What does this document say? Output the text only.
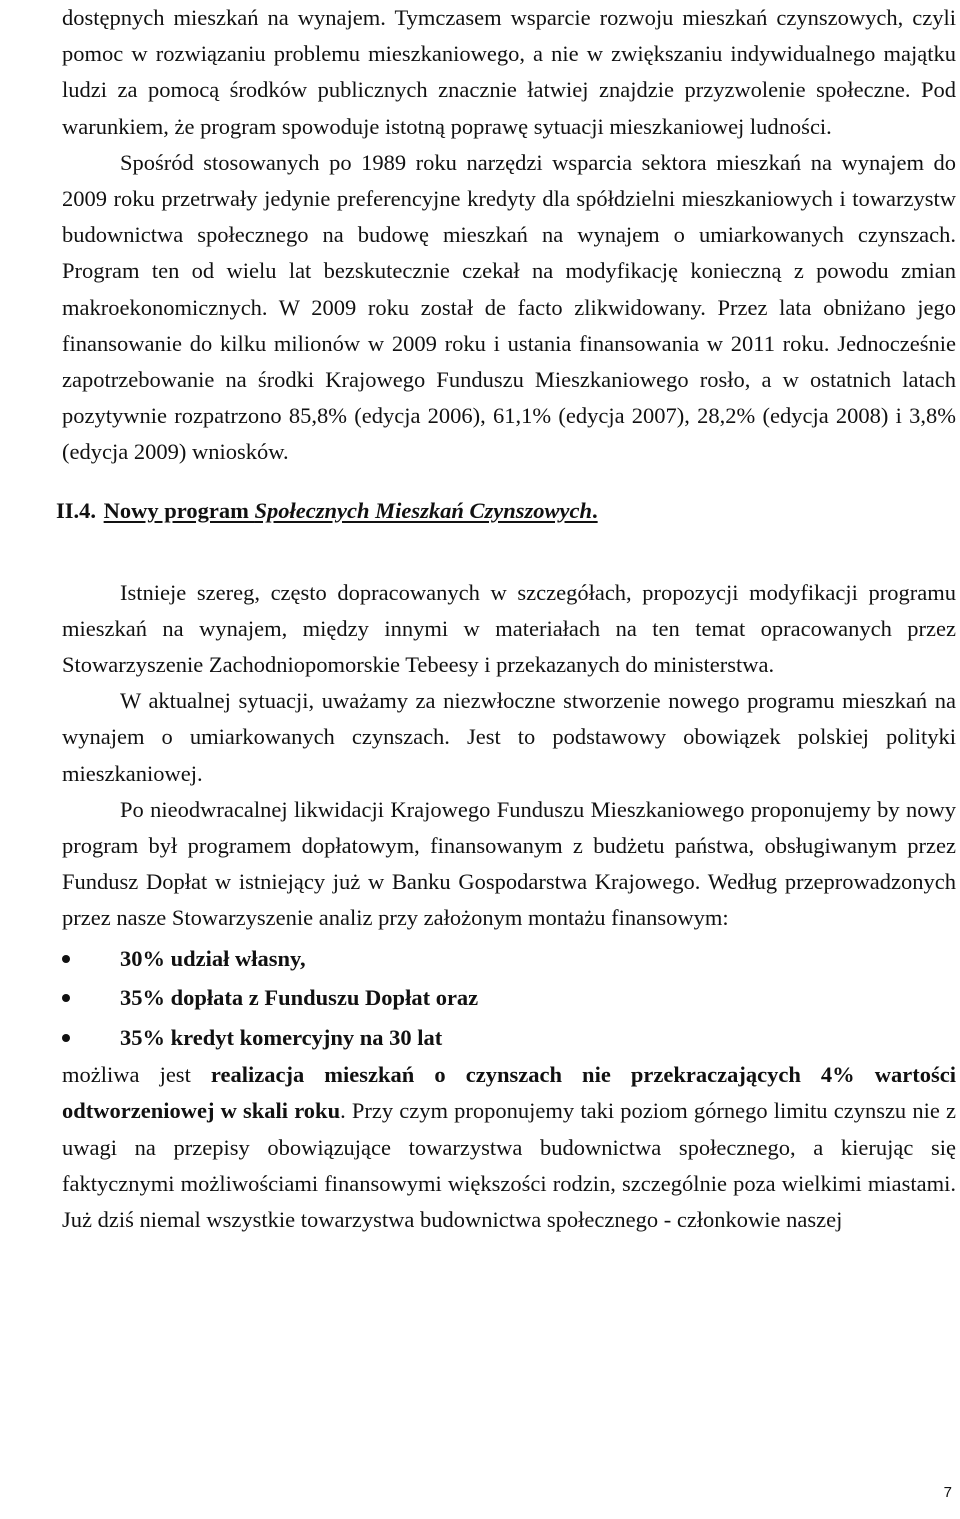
dostępnych mieszkań na wynajem. Tymczasem wsparcie rozwoju mieszkań czynszowych, czyli pomoc w rozwiązaniu problemu mieszkaniowego, a nie w zwiększaniu indywidualnego majątku ludzi za pomocą środków publicznych znacznie łatwiej znajdzie przyzwolenie społeczne. Pod warunkiem, że program spowoduje istotną poprawę sytuacji mieszkaniowej ludności.

Spośród stosowanych po 1989 roku narzędzi wsparcia sektora mieszkań na wynajem do 2009 roku przetrwały jedynie preferencyjne kredyty dla spółdzielni mieszkaniowych i towarzystw budownictwa społecznego na budowę mieszkań na wynajem o umiarkowanych czynszach. Program ten od wielu lat bezskutecznie czekał na modyfikację konieczną z powodu zmian makroekonomicznych. W 2009 roku został de facto zlikwidowany. Przez lata obniżano jego finansowanie do kilku milionów w 2009 roku i ustania finansowania w 2011 roku. Jednocześnie zapotrzebowanie na środki Krajowego Funduszu Mieszkaniowego rosło, a w ostatnich latach pozytywnie rozpatrzono 85,8% (edycja 2006), 61,1% (edycja 2007), 28,2% (edycja 2008) i 3,8% (edycja 2009) wniosków.

II.4. Nowy program Społecznych Mieszkań Czynszowych.

Istnieje szereg, często dopracowanych w szczegółach, propozycji modyfikacji programu mieszkań na wynajem, między innymi w materiałach na ten temat opracowanych przez Stowarzyszenie Zachodniopomorskie Tebeesy i przekazanych do ministerstwa.

W aktualnej sytuacji, uważamy za niezwłoczne stworzenie nowego programu mieszkań na wynajem o umiarkowanych czynszach. Jest to podstawowy obowiązek polskiej polityki mieszkaniowej.

Po nieodwracalnej likwidacji Krajowego Funduszu Mieszkaniowego proponujemy by nowy program był programem dopłatowym, finansowanym z budżetu państwa, obsługiwanym przez Fundusz Dopłat w istniejący już w Banku Gospodarstwa Krajowego. Według przeprowadzonych przez nasze Stowarzyszenie analiz przy założonym montażu finansowym:

30% udział własny,
35% dopłata z Funduszu Dopłat oraz
35% kredyt komercyjny na 30 lat

możliwa jest realizacja mieszkań o czynszach nie przekraczających 4% wartości odtworzeniowej w skali roku. Przy czym proponujemy taki poziom górnego limitu czynszu nie z uwagi na przepisy obowiązujące towarzystwa budownictwa społecznego, a kierując się faktycznymi możliwościami finansowymi większości rodzin, szczególnie poza wielkimi miastami. Już dziś niemal wszystkie towarzystwa budownictwa społecznego - członkowie naszej

7
